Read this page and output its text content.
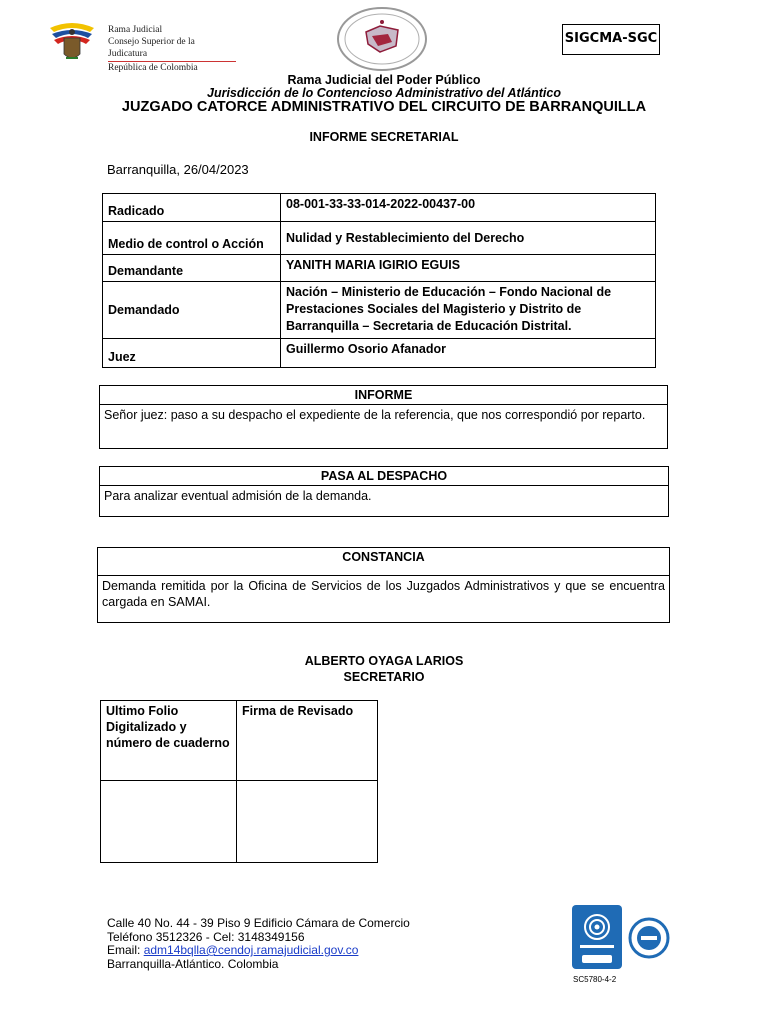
Rama Judicial
Consejo Superior de la Judicatura
República de Colombia
SIGCMA-SGC
Rama Judicial del Poder Público
Jurisdicción de lo Contencioso Administrativo del Atlántico
JUZGADO CATORCE ADMINISTRATIVO DEL CIRCUITO DE BARRANQUILLA
INFORME SECRETARIAL
Barranquilla, 26/04/2023
Radicado	08-001-33-33-014-2022-00437-00
Medio de control o Acción	Nulidad y Restablecimiento del Derecho
Demandante	YANITH MARIA IGIRIO EGUIS
Demandado	Nación – Ministerio de Educación – Fondo Nacional de Prestaciones Sociales del Magisterio y Distrito de Barranquilla – Secretaria de Educación Distrital.
Juez	Guillermo Osorio Afanador
INFORME
Señor juez: paso a su despacho el expediente de la referencia, que nos correspondió por reparto.
PASA AL DESPACHO
Para analizar eventual admisión de la demanda.
CONSTANCIA
Demanda remitida por la Oficina de Servicios de los Juzgados Administrativos y que se encuentra cargada en SAMAI.
ALBERTO OYAGA LARIOS
SECRETARIO
Ultimo Folio Digitalizado y número de cuaderno	Firma de Revisado

Calle 40 No. 44 - 39 Piso 9 Edificio Cámara de Comercio
Teléfono 3512326 - Cel: 3148349156
Email: adm14bqlla@cendoj.ramajudicial.gov.co
Barranquilla-Atlántico. Colombia
SC5780-4-2
